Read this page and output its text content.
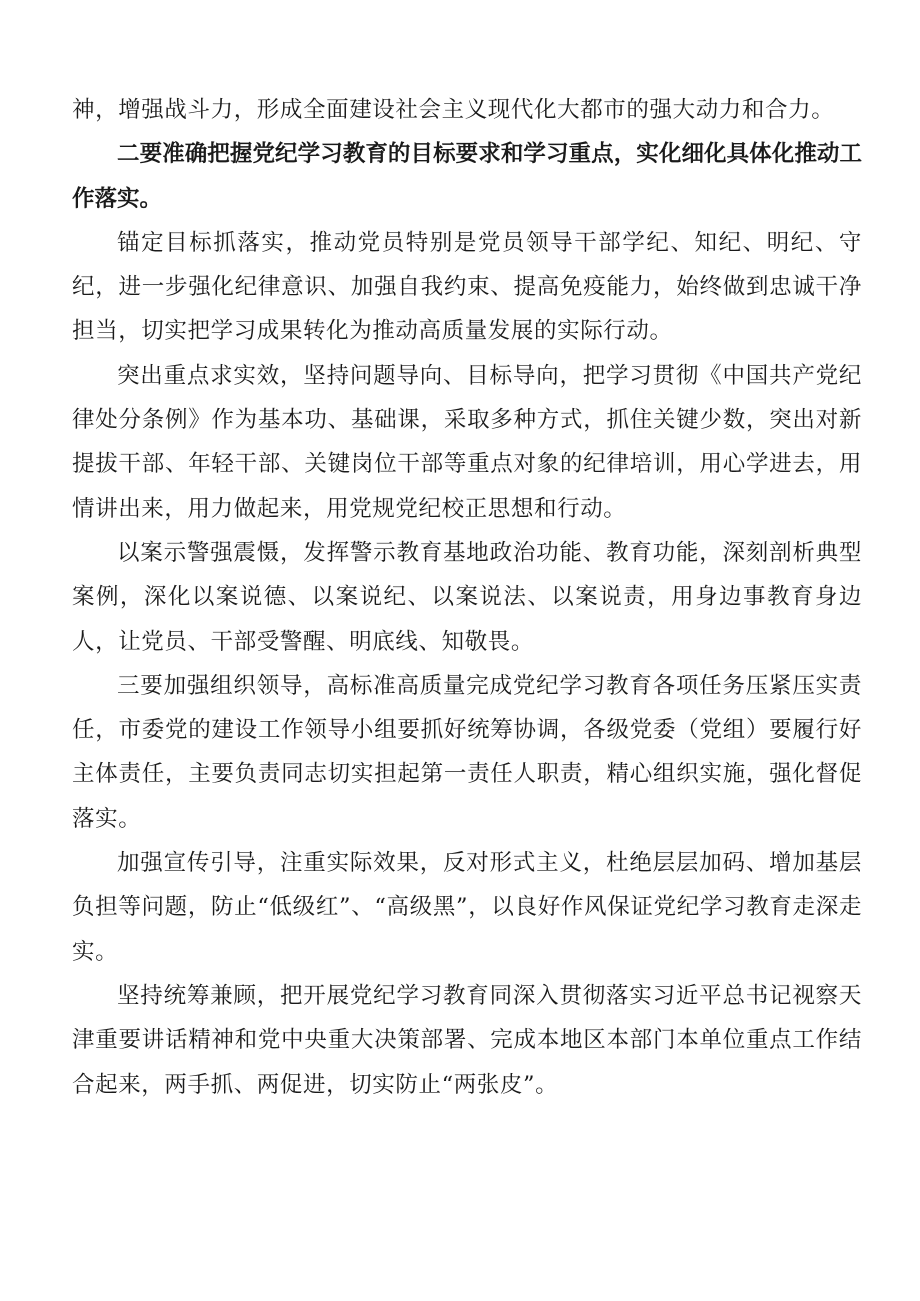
神，增强战斗力，形成全面建设社会主义现代化大都市的强大动力和合力。

二要准确把握党纪学习教育的目标要求和学习重点，实化细化具体化推动工作落实。

锚定目标抓落实，推动党员特别是党员领导干部学纪、知纪、明纪、守纪，进一步强化纪律意识、加强自我约束、提高免疫能力，始终做到忠诚干净担当，切实把学习成果转化为推动高质量发展的实际行动。

突出重点求实效，坚持问题导向、目标导向，把学习贯彻《中国共产党纪律处分条例》作为基本功、基础课，采取多种方式，抓住关键少数，突出对新提拔干部、年轻干部、关键岗位干部等重点对象的纪律培训，用心学进去，用情讲出来，用力做起来，用党规党纪校正思想和行动。

以案示警强震慑，发挥警示教育基地政治功能、教育功能，深刻剖析典型案例，深化以案说德、以案说纪、以案说法、以案说责，用身边事教育身边人，让党员、干部受警醒、明底线、知敬畏。

三要加强组织领导，高标准高质量完成党纪学习教育各项任务压紧压实责任，市委党的建设工作领导小组要抓好统筹协调，各级党委（党组）要履行好主体责任，主要负责同志切实担起第一责任人职责，精心组织实施，强化督促落实。

加强宣传引导，注重实际效果，反对形式主义，杜绝层层加码、增加基层负担等问题，防止“低级红”、“高级黑”，以良好作风保证党纪学习教育走深走实。

坚持统筹兼顾，把开展党纪学习教育同深入贯彻落实习近平总书记视察天津重要讲话精神和党中央重大决策部署、完成本地区本部门本单位重点工作结合起来，两手抓、两促进，切实防止“两张皮”。
